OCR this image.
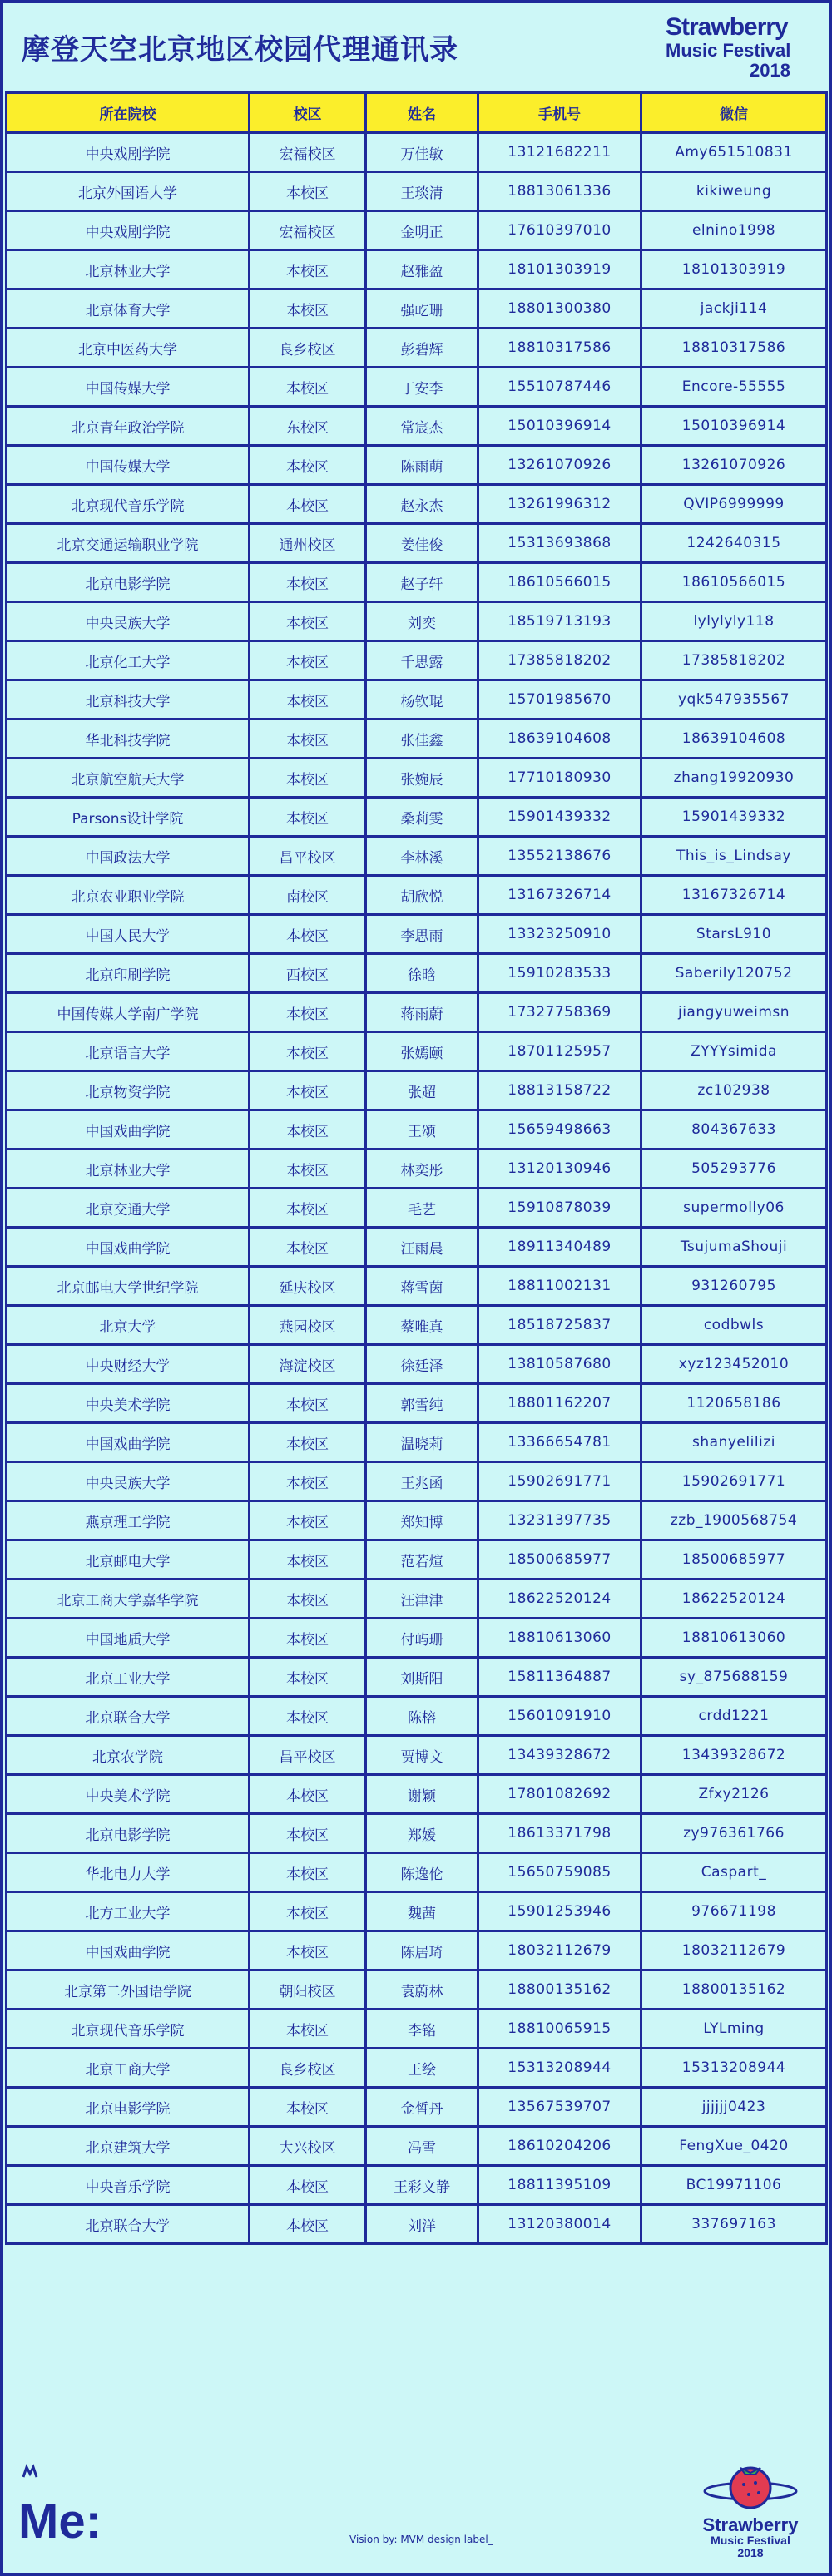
摩登天空北京地区校园代理通讯录
Strawberry
Music Festival
2018
所在院校	校区	姓名	手机号	微信
中央戏剧学院	宏福校区	万佳敏	13121682211	Amy651510831
北京外国语大学	本校区	王琰清	18813061336	kikiweung
中央戏剧学院	宏福校区	金明正	17610397010	elnino1998
北京林业大学	本校区	赵雅盈	18101303919	18101303919
北京体育大学	本校区	强屹珊	18801300380	jackji114
北京中医药大学	良乡校区	彭碧辉	18810317586	18810317586
中国传媒大学	本校区	丁安李	15510787446	Encore-55555
北京青年政治学院	东校区	常宸杰	15010396914	15010396914
中国传媒大学	本校区	陈雨萌	13261070926	13261070926
北京现代音乐学院	本校区	赵永杰	13261996312	QVIP6999999
北京交通运输职业学院	通州校区	姜佳俊	15313693868	1242640315
北京电影学院	本校区	赵子轩	18610566015	18610566015
中央民族大学	本校区	刘奕	18519713193	lylylyly118
北京化工大学	本校区	千思露	17385818202	17385818202
北京科技大学	本校区	杨钦琨	15701985670	yqk547935567
华北科技学院	本校区	张佳鑫	18639104608	18639104608
北京航空航天大学	本校区	张婉辰	17710180930	zhang19920930
Parsons设计学院	本校区	桑莉雯	15901439332	15901439332
中国政法大学	昌平校区	李林溪	13552138676	This_is_Lindsay
北京农业职业学院	南校区	胡欣悦	13167326714	13167326714
中国人民大学	本校区	李思雨	13323250910	StarsL910
北京印刷学院	西校区	徐晗	15910283533	Saberily120752
中国传媒大学南广学院	本校区	蒋雨蔚	17327758369	jiangyuweimsn
北京语言大学	本校区	张嫣颐	18701125957	ZYYYsimida
北京物资学院	本校区	张超	18813158722	zc102938
中国戏曲学院	本校区	王颂	15659498663	804367633
北京林业大学	本校区	林奕彤	13120130946	505293776
北京交通大学	本校区	毛艺	15910878039	supermolly06
中国戏曲学院	本校区	汪雨晨	18911340489	TsujumaShouji
北京邮电大学世纪学院	延庆校区	蒋雪茵	18811002131	931260795
北京大学	燕园校区	蔡唯真	18518725837	codbwls
中央财经大学	海淀校区	徐廷泽	13810587680	xyz123452010
中央美术学院	本校区	郭雪纯	18801162207	1120658186
中国戏曲学院	本校区	温晓莉	13366654781	shanyelilizi
中央民族大学	本校区	王兆函	15902691771	15902691771
燕京理工学院	本校区	郑知博	13231397735	zzb_1900568754
北京邮电大学	本校区	范若煊	18500685977	18500685977
北京工商大学嘉华学院	本校区	汪津津	18622520124	18622520124
中国地质大学	本校区	付屿珊	18810613060	18810613060
北京工业大学	本校区	刘斯阳	15811364887	sy_875688159
北京联合大学	本校区	陈榕	15601091910	crdd1221
北京农学院	昌平校区	贾博文	13439328672	13439328672
中央美术学院	本校区	谢颖	17801082692	Zfxy2126
北京电影学院	本校区	郑媛	18613371798	zy976361766
华北电力大学	本校区	陈逸伦	15650759085	Caspart_
北方工业大学	本校区	魏茜	15901253946	976671198
中国戏曲学院	本校区	陈居琦	18032112679	18032112679
北京第二外国语学院	朝阳校区	袁蔚林	18800135162	18800135162
北京现代音乐学院	本校区	李铭	18810065915	LYLming
北京工商大学	良乡校区	王绘	15313208944	15313208944
北京电影学院	本校区	金皙丹	13567539707	jjjjjj0423
北京建筑大学	大兴校区	冯雪	18610204206	FengXue_0420
中央音乐学院	本校区	王彩文静	18811395109	BC19971106
北京联合大学	本校区	刘洋	13120380014	337697163
Me:	Vision by: MVM design label_
Strawberry
Music Festival
2018
